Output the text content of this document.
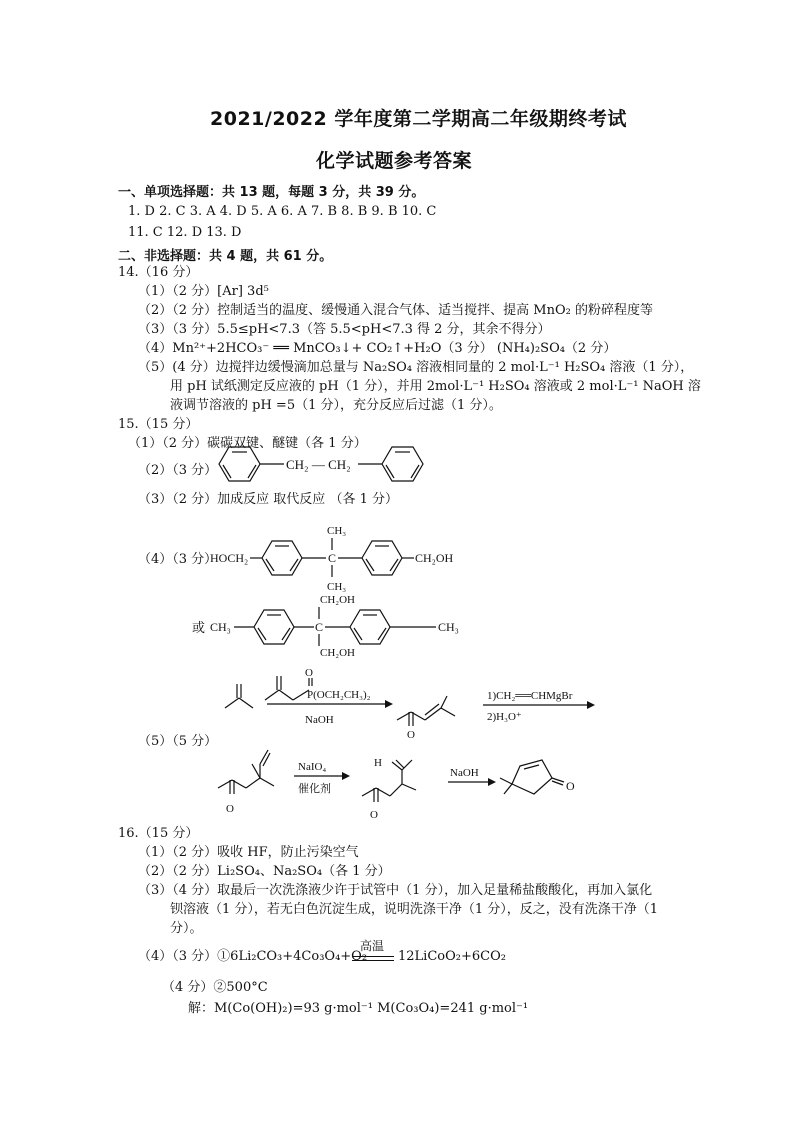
2021/2022 学年度第二学期高二年级期终考试
化学试题参考答案
一、单项选择题：共 13 题，每题 3 分，共 39 分。
1. D 2. C 3. A 4. D 5. A 6. A 7. B 8. B 9. B 10. C
11. C 12. D 13. D
二、非选择题：共 4 题，共 61 分。
14.（16 分）
（1）（2 分）[Ar] 3d⁵
（2）（2 分）控制适当的温度、缓慢通入混合气体、适当搅拌、提高 MnO₂ 的粉碎程度等
（3）（3 分）5.5≤pH<7.3（答 5.5<pH<7.3 得 2 分，其余不得分）
（4）Mn²⁺+2HCO₃⁻ ══ MnCO₃↓+ CO₂↑+H₂O（3 分） (NH₄)₂SO₄（2 分）
（5）(4 分）边搅拌边缓慢滴加总量与 Na₂SO₄ 溶液相同量的 2 mol·L⁻¹ H₂SO₄ 溶液（1 分），
用 pH 试纸测定反应液的 pH（1 分），并用 2mol·L⁻¹ H₂SO₄ 溶液或 2 mol·L⁻¹ NaOH 溶
液调节溶液的 pH =5（1 分），充分反应后过滤（1 分）。
15.（15 分）
（1）（2 分）碳碳双键、醚键（各 1 分）
（2）（3 分）
（3）（2 分）加成反应 取代反应 （各 1 分）
（4）（3 分）
或
（5）（5 分）
CH₂ — CH₂
HOCH₂	CH₂OH
C
CH₃
CH₃
CH₃	CH₃
C
CH₂OH
CH₂OH
O
P(OCH₂CH₃)₂
NaOH
O
1)CH₂══CHMgBr
2)H₃O⁺
O	O
H
NaIO₄
催化剂
NaOH
O
16.（15 分）
（1）（2 分）吸收 HF，防止污染空气
（2）（2 分）Li₂SO₄、Na₂SO₄（各 1 分）
（3）（4 分）取最后一次洗涤液少许于试管中（1 分），加入足量稀盐酸酸化，再加入氯化
钡溶液（1 分），若无白色沉淀生成，说明洗涤干净（1 分），反之，没有洗涤干净（1
分）。
（4）（3 分）①6Li₂CO₃+4Co₃O₄+O₂
高温
12LiCoO₂+6CO₂
（4 分）②500°C
解：M(Co(OH)₂)=93 g·mol⁻¹ M(Co₃O₄)=241 g·mol⁻¹
